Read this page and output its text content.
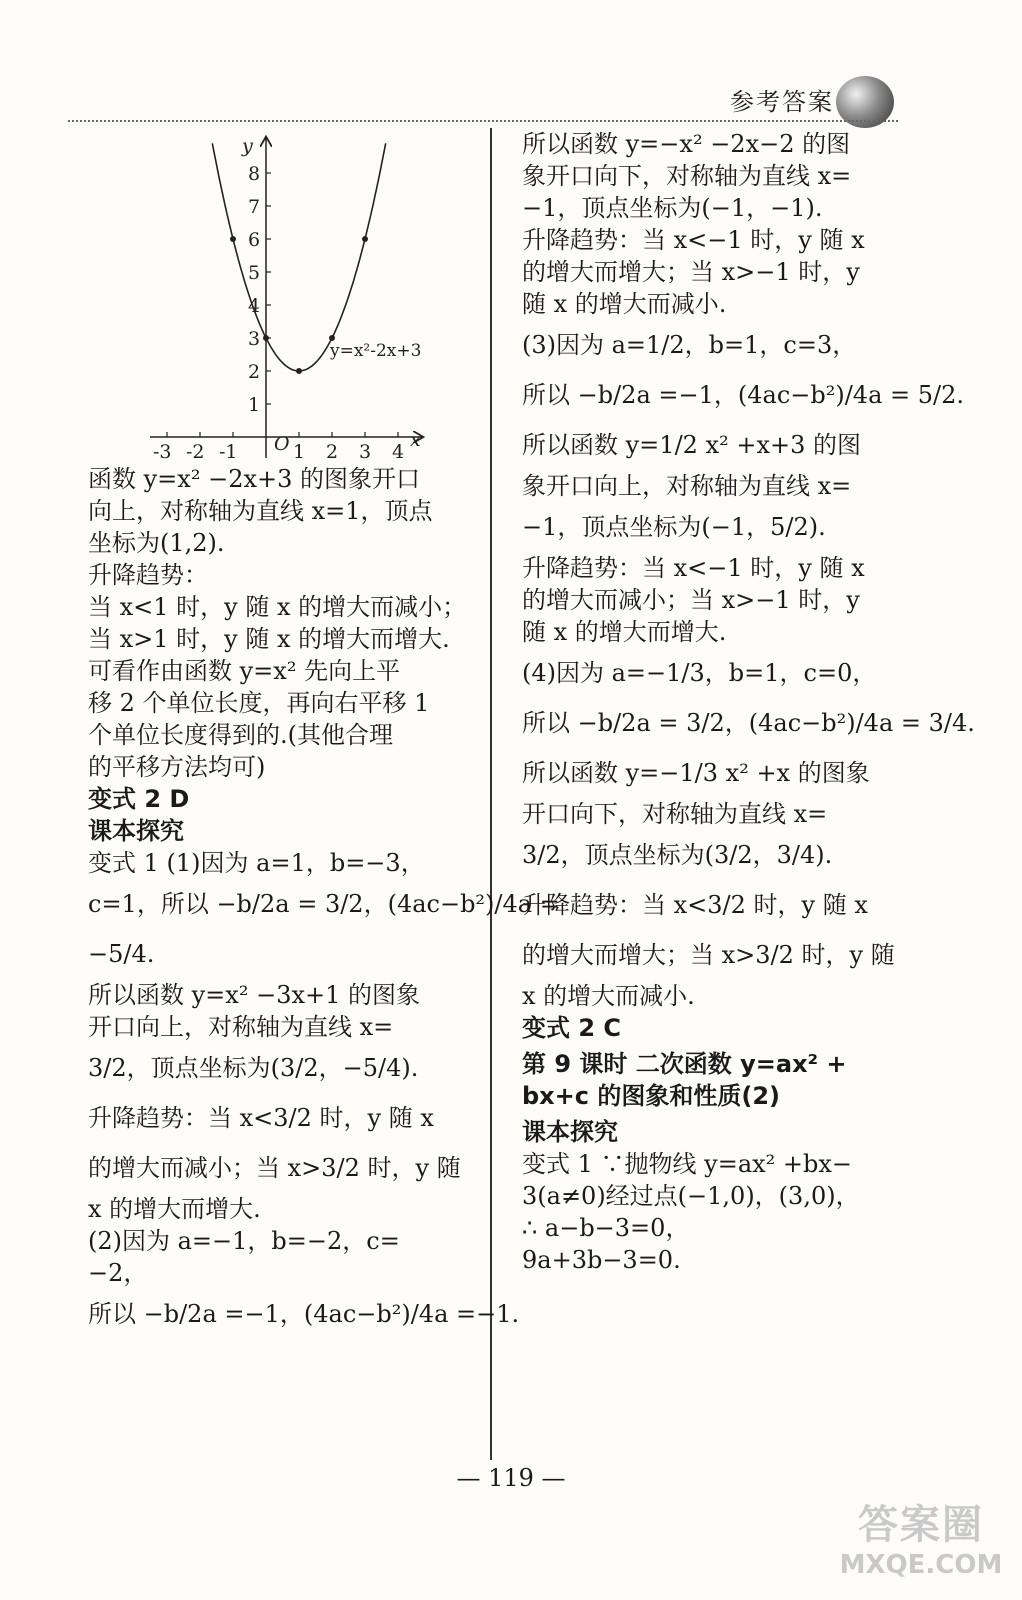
参考答案
8
7
6
5
4
3
2
1
-3 -2 -1	1 2 3 4
y
x
O
y=x²-2x+3
函数 y=x² −2x+3 的图象开口
向上，对称轴为直线 x=1，顶点
坐标为(1,2).
升降趋势：
当 x<1 时，y 随 x 的增大而减小；
当 x>1 时，y 随 x 的增大而增大.
可看作由函数 y=x² 先向上平
移 2 个单位长度，再向右平移 1
个单位长度得到的.(其他合理
的平移方法均可)
变式 2 D
课本探究
变式 1 (1)因为 a=1，b=−3，
c=1，所以 −b/2a = 3/2，(4ac−b²)/4a =
−5/4.
所以函数 y=x² −3x+1 的图象
开口向上，对称轴为直线 x=
3/2，顶点坐标为(3/2，−5/4).
升降趋势：当 x<3/2 时，y 随 x
的增大而减小；当 x>3/2 时，y 随
x 的增大而增大.
(2)因为 a=−1，b=−2，c=
−2，
所以 −b/2a =−1，(4ac−b²)/4a =−1.
所以函数 y=−x² −2x−2 的图
象开口向下，对称轴为直线 x=
−1，顶点坐标为(−1，−1).
升降趋势：当 x<−1 时，y 随 x
的增大而增大；当 x>−1 时，y
随 x 的增大而减小.
(3)因为 a=1/2，b=1，c=3，
所以 −b/2a =−1，(4ac−b²)/4a = 5/2.
所以函数 y=1/2 x² +x+3 的图
象开口向上，对称轴为直线 x=
−1，顶点坐标为(−1，5/2).
升降趋势：当 x<−1 时，y 随 x
的增大而减小；当 x>−1 时，y
随 x 的增大而增大.
(4)因为 a=−1/3，b=1，c=0，
所以 −b/2a = 3/2，(4ac−b²)/4a = 3/4.
所以函数 y=−1/3 x² +x 的图象
开口向下，对称轴为直线 x=
3/2，顶点坐标为(3/2，3/4).
升降趋势：当 x<3/2 时，y 随 x
的增大而增大；当 x>3/2 时，y 随
x 的增大而减小.
变式 2 C
第 9 课时 二次函数 y=ax² +
bx+c 的图象和性质(2)
课本探究
变式 1 ∵抛物线 y=ax² +bx−
3(a≠0)经过点(−1,0)，(3,0)，
∴ a−b−3=0，
9a+3b−3=0.
— 119 —
答案圈
MXQE.COM
